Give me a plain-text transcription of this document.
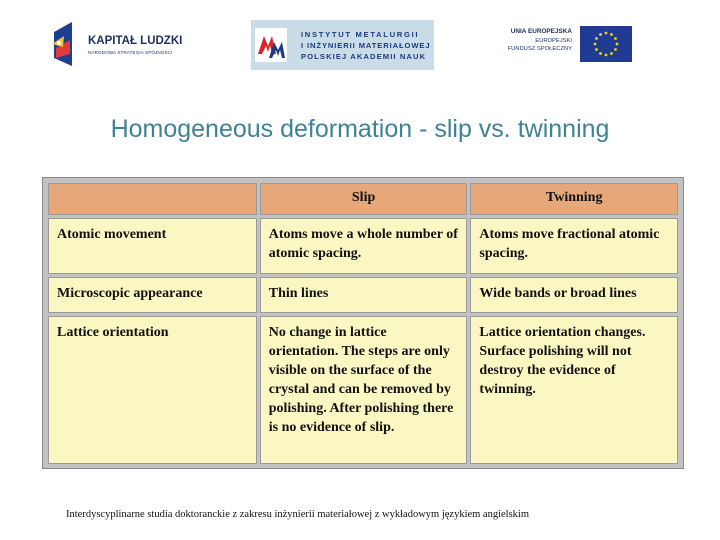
KAPITAŁ LUDZKI
NARODOWA STRATEGIA SPÓJNOŚCI
INSTYTUT METALURGII
I INŻYNIERII MATERIAŁOWEJ
POLSKIEJ AKADEMII NAUK
UNIA EUROPEJSKA
EUROPEJSKI
FUNDUSZ SPOŁECZNY
Homogeneous deformation - slip vs. twinning
	Slip	Twinning
Atomic movement	Atoms move a whole number of atomic spacing.	Atoms move fractional atomic spacing.
Microscopic appearance	Thin lines	Wide bands or broad lines
Lattice orientation	No change in lattice orientation. The steps are only visible on the surface of the crystal and can be removed by polishing. After polishing there is no evidence of slip.	Lattice orientation changes. Surface polishing will not destroy the evidence of twinning.
Interdyscyplinarne studia doktoranckie z zakresu inżynierii materiałowej z wykładowym językiem angielskim
